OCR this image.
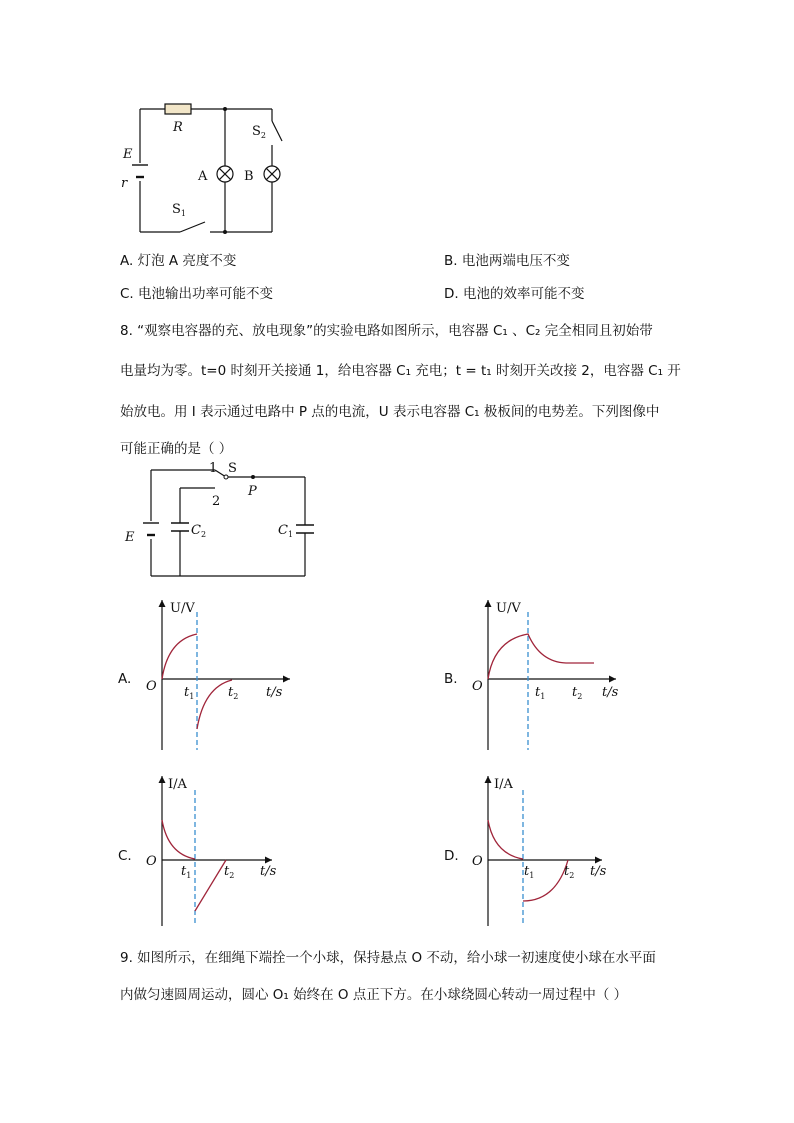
R
E
r	A	B
$S_1$
$S_2$
A. 灯泡 A 亮度不变	B. 电池两端电压不变
C. 电池输出功率可能不变	D. 电池的效率可能不变
8. “观察电容器的充、放电现象”的实验电路如图所示，电容器 C₁ 、C₂ 完全相同且初始带
电量均为零。t=0 时刻开关接通 1，给电容器 C₁ 充电；t = t₁ 时刻开关改接 2，电容器 C₁ 开
始放电。用 I 表示通过电路中 P 点的电流，U 表示电容器 C₁ 极板间的电势差。下列图像中
可能正确的是（ ）
1 S
2
P
E	$C_2$	$C_1$
A.
U/V
O $t_1$	$t_2$ t/s
B.
U/V
O	$t_1$ $t_2$ t/s
C.
I/A
O
$t_1$	$t_2$ t/s
D.
I/A
O
$t_1$ $t_2$ t/s
9. 如图所示，在细绳下端拴一个小球，保持悬点 O 不动，给小球一初速度使小球在水平面
内做匀速圆周运动，圆心 O₁ 始终在 O 点正下方。在小球绕圆心转动一周过程中（ ）
